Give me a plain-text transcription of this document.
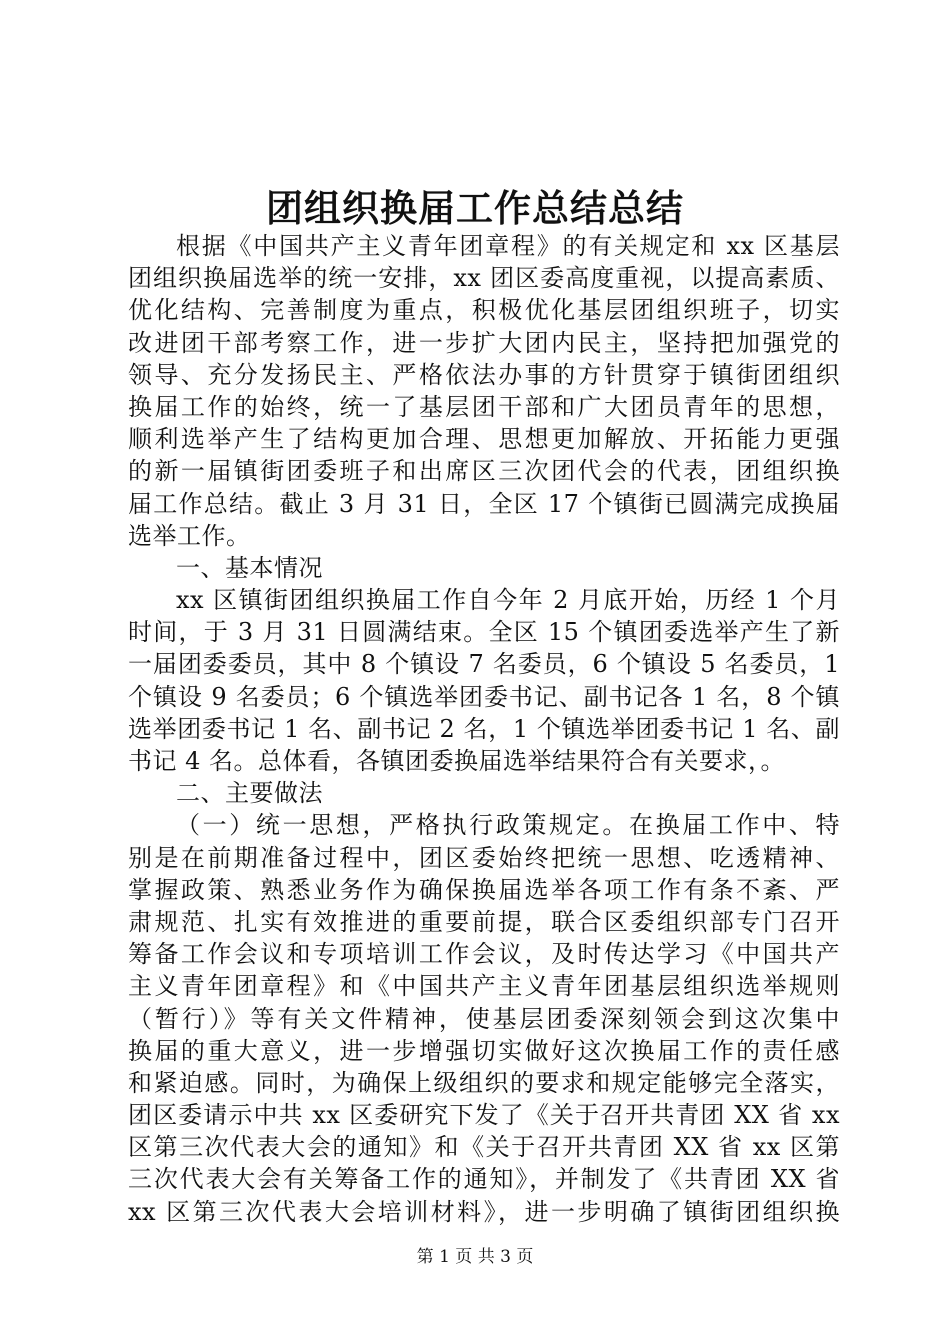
团组织换届工作总结总结
根据《中国共产主义青年团章程》的有关规定和 xx 区基层
团组织换届选举的统一安排，xx 团区委高度重视，以提高素质、
优化结构、完善制度为重点，积极优化基层团组织班子，切实
改进团干部考察工作，进一步扩大团内民主，坚持把加强党的
领导、充分发扬民主、严格依法办事的方针贯穿于镇街团组织
换届工作的始终，统一了基层团干部和广大团员青年的思想，
顺利选举产生了结构更加合理、思想更加解放、开拓能力更强
的新一届镇街团委班子和出席区三次团代会的代表，团组织换
届工作总结。截止 3 月 31 日，全区 17 个镇街已圆满完成换届
选举工作。
一、基本情况
xx 区镇街团组织换届工作自今年 2 月底开始，历经 1 个月
时间，于 3 月 31 日圆满结束。全区 15 个镇团委选举产生了新
一届团委委员，其中 8 个镇设 7 名委员，6 个镇设 5 名委员，1
个镇设 9 名委员；6 个镇选举团委书记、副书记各 1 名，8 个镇
选举团委书记 1 名、副书记 2 名，1 个镇选举团委书记 1 名、副
书记 4 名。总体看，各镇团委换届选举结果符合有关要求，。
二、主要做法
（一）统一思想，严格执行政策规定。在换届工作中、特
别是在前期准备过程中，团区委始终把统一思想、吃透精神、
掌握政策、熟悉业务作为确保换届选举各项工作有条不紊、严
肃规范、扎实有效推进的重要前提，联合区委组织部专门召开
筹备工作会议和专项培训工作会议，及时传达学习《中国共产
主义青年团章程》和《中国共产主义青年团基层组织选举规则
（暂行）》等有关文件精神，使基层团委深刻领会到这次集中
换届的重大意义，进一步增强切实做好这次换届工作的责任感
和紧迫感。同时，为确保上级组织的要求和规定能够完全落实，
团区委请示中共 xx 区委研究下发了《关于召开共青团 XX 省 xx
区第三次代表大会的通知》和《关于召开共青团 XX 省 xx 区第
三次代表大会有关筹备工作的通知》，并制发了《共青团 XX 省
xx 区第三次代表大会培训材料》，进一步明确了镇街团组织换
第 1 页 共 3 页
